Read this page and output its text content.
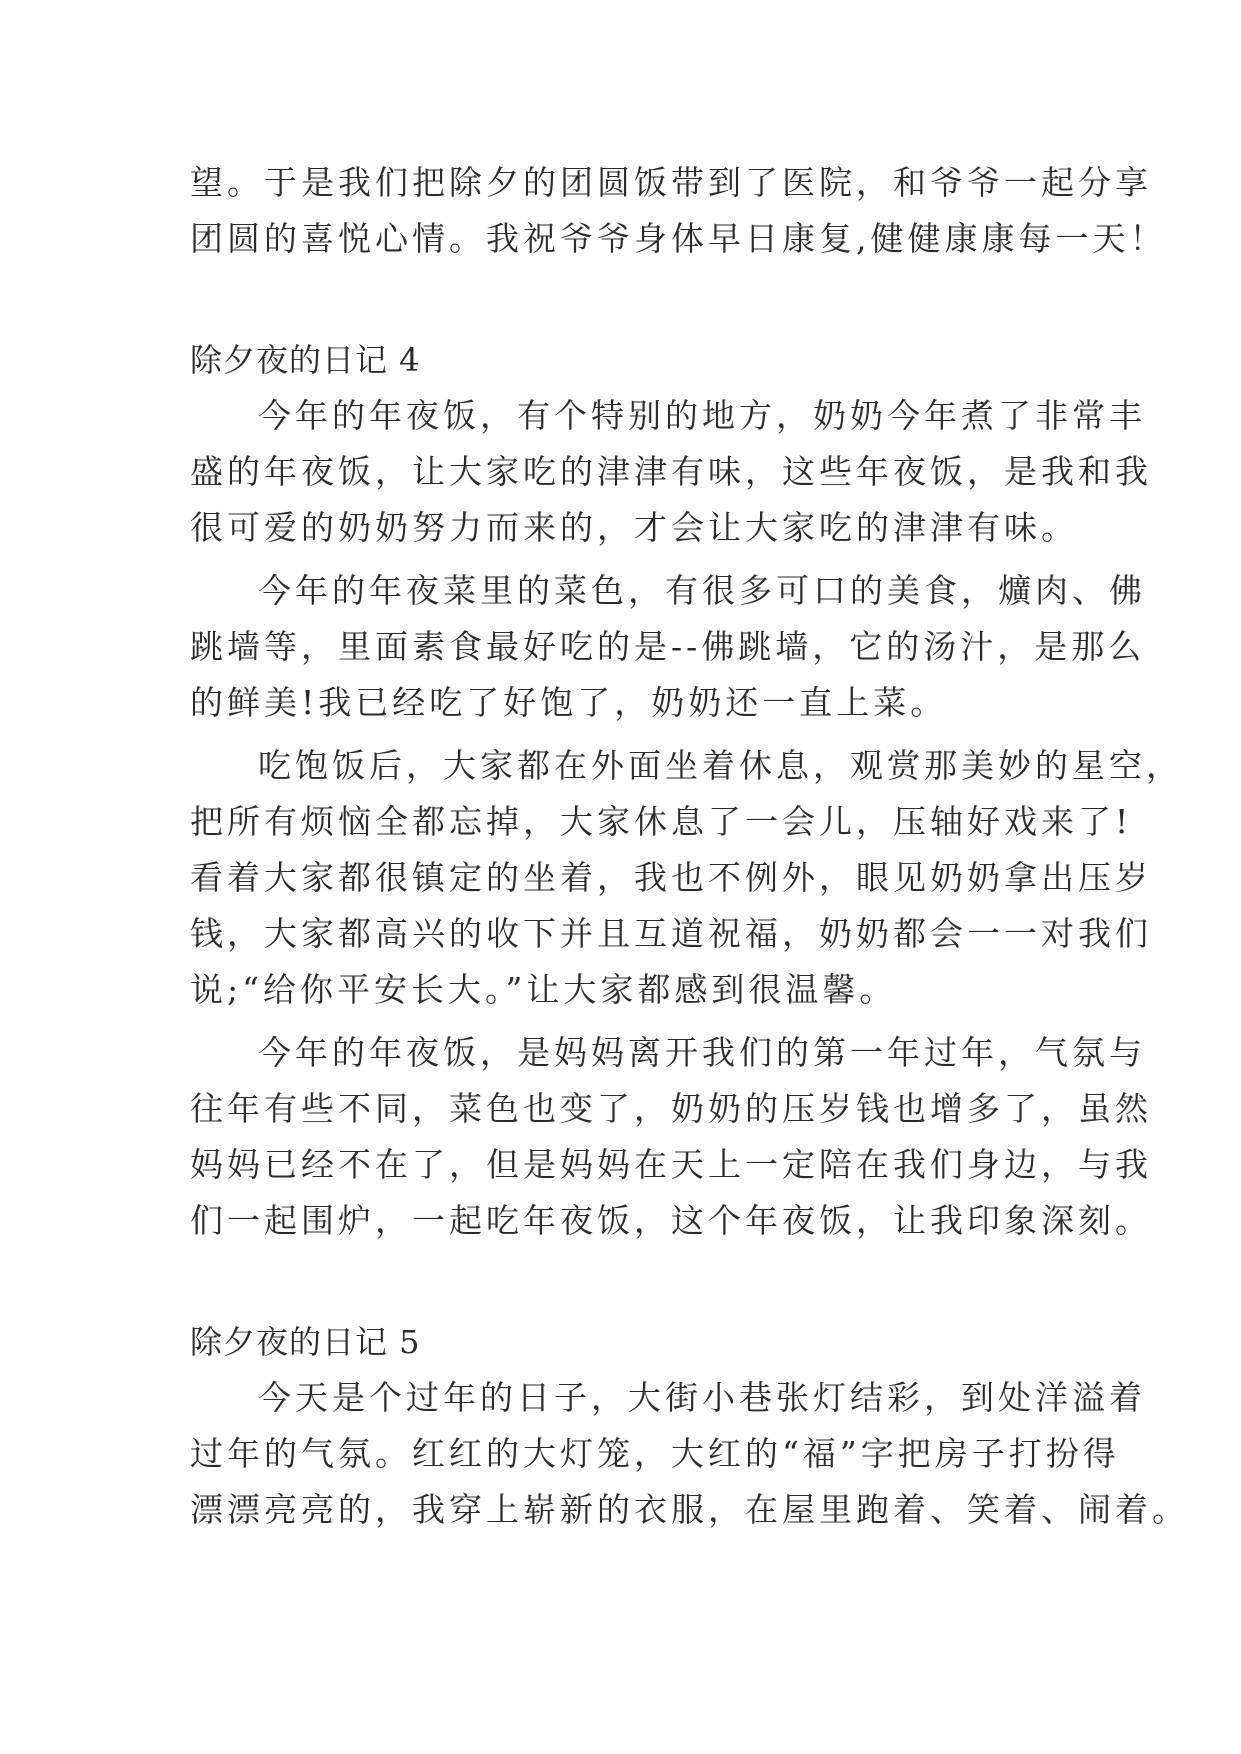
望。于是我们把除夕的团圆饭带到了医院，和爷爷一起分享

团圆的喜悦心情。我祝爷爷身体早日康复,健健康康每一天！

除夕夜的日记 4

今年的年夜饭，有个特别的地方，奶奶今年煮了非常丰

盛的年夜饭，让大家吃的津津有味，这些年夜饭，是我和我

很可爱的奶奶努力而来的，才会让大家吃的津津有味。

今年的年夜菜里的菜色，有很多可口的美食，爌肉、佛

跳墙等，里面素食最好吃的是--佛跳墙，它的汤汁，是那么

的鲜美!我已经吃了好饱了，奶奶还一直上菜。

吃饱饭后，大家都在外面坐着休息，观赏那美妙的星空，

把所有烦恼全都忘掉，大家休息了一会儿，压轴好戏来了!

看着大家都很镇定的坐着，我也不例外，眼见奶奶拿出压岁

钱，大家都高兴的收下并且互道祝福，奶奶都会一一对我们

说;“给你平安长大。”让大家都感到很温馨。

今年的年夜饭，是妈妈离开我们的第一年过年，气氛与

往年有些不同，菜色也变了，奶奶的压岁钱也增多了，虽然

妈妈已经不在了，但是妈妈在天上一定陪在我们身边，与我

们一起围炉，一起吃年夜饭，这个年夜饭，让我印象深刻。

除夕夜的日记 5

今天是个过年的日子，大街小巷张灯结彩，到处洋溢着

过年的气氛。红红的大灯笼，大红的“福”字把房子打扮得

漂漂亮亮的，我穿上崭新的衣服，在屋里跑着、笑着、闹着。
